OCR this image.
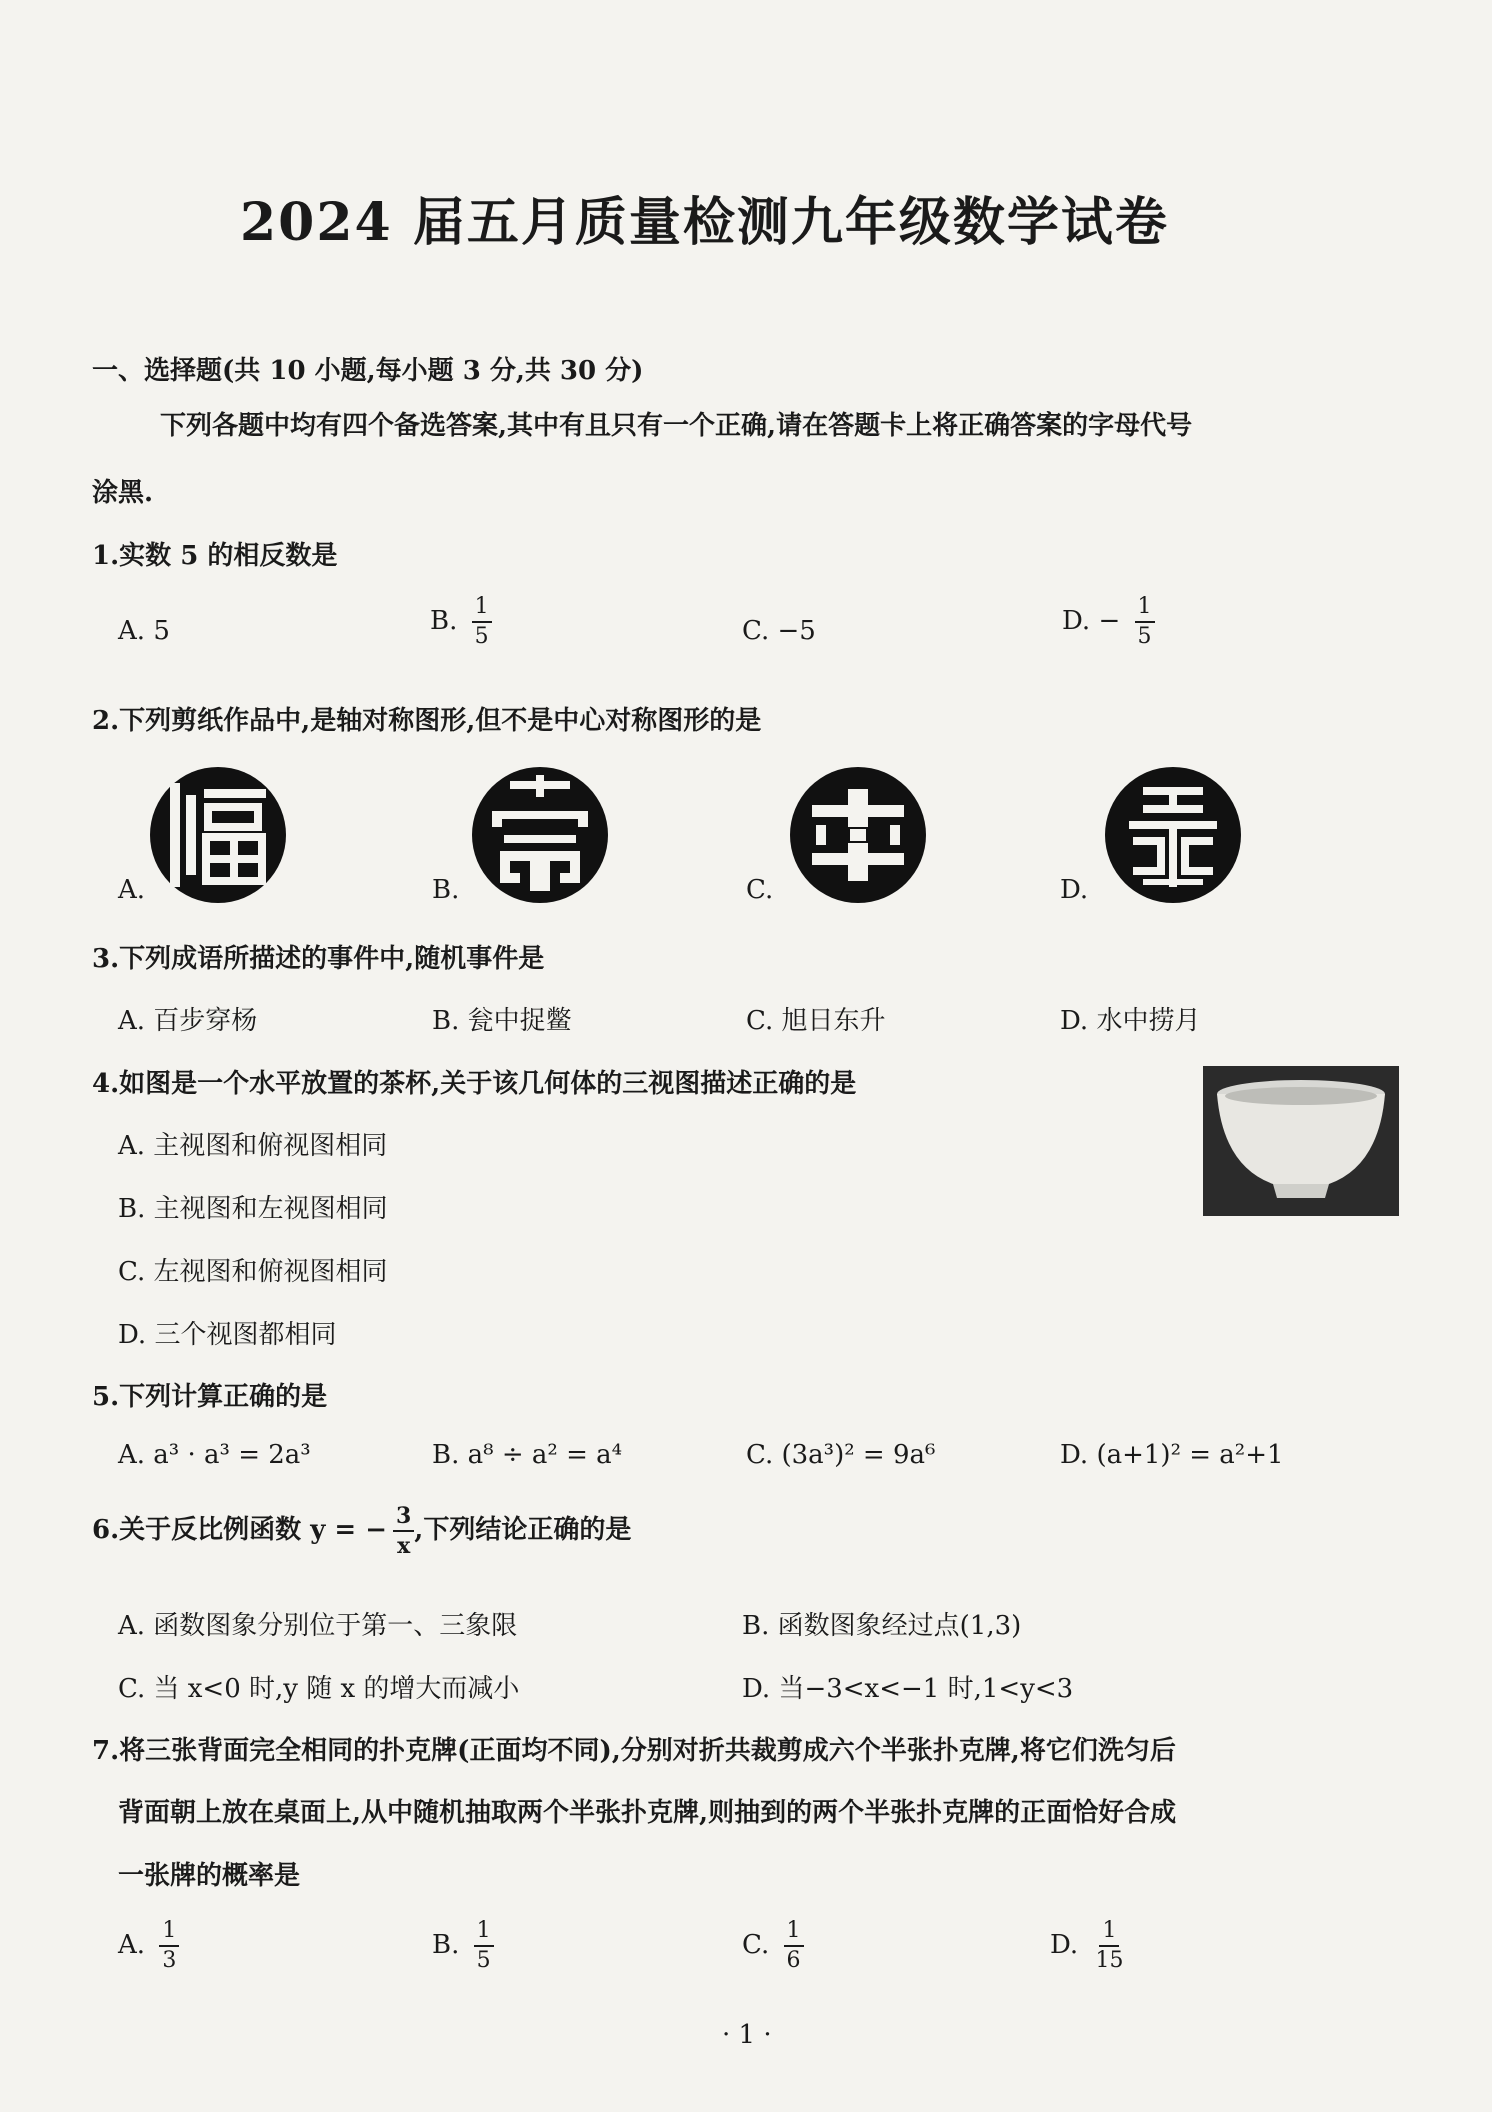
2024 届五月质量检测九年级数学试卷
一、选择题(共 10 小题,每小题 3 分,共 30 分)
下列各题中均有四个备选答案,其中有且只有一个正确,请在答题卡上将正确答案的字母代号
涂黑.
1.实数 5 的相反数是
A. 5	B. $\frac{1}{5}$	C. −5	D. − $\frac{1}{5}$
2.下列剪纸作品中,是轴对称图形,但不是中心对称图形的是
A.	B.	C.	D.
3.下列成语所描述的事件中,随机事件是
A. 百步穿杨	B. 瓮中捉鳖	C. 旭日东升	D. 水中捞月
4.如图是一个水平放置的茶杯,关于该几何体的三视图描述正确的是
A. 主视图和俯视图相同
B. 主视图和左视图相同
C. 左视图和俯视图相同
D. 三个视图都相同
5.下列计算正确的是
A. a³ · a³ = 2a³	B. a⁸ ÷ a² = a⁴	C. (3a³)² = 9a⁶	D. (a+1)² = a²+1
6.关于反比例函数 y = − $\frac{3}{x}$ ,下列结论正确的是
A. 函数图象分别位于第一、三象限	B. 函数图象经过点(1,3)
C. 当 x<0 时,y 随 x 的增大而减小	D. 当−3<x<−1 时,1<y<3
7.将三张背面完全相同的扑克牌(正面均不同),分别对折共裁剪成六个半张扑克牌,将它们洗匀后
背面朝上放在桌面上,从中随机抽取两个半张扑克牌,则抽到的两个半张扑克牌的正面恰好合成
一张牌的概率是
A. $\frac{1}{3}$	B. $\frac{1}{5}$	C. $\frac{1}{6}$	D. $\frac{1}{15}$
· 1 ·
